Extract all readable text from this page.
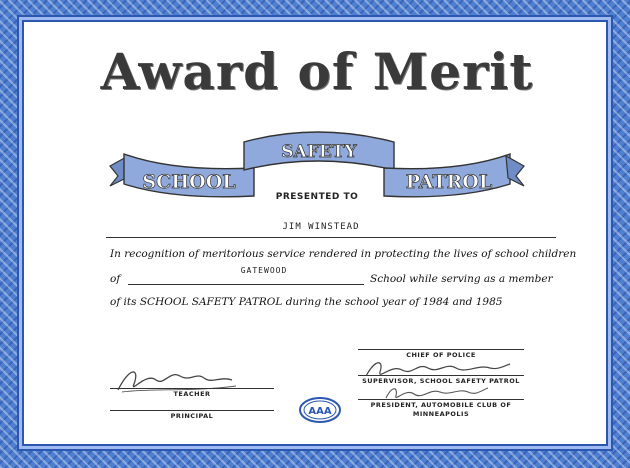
Award of Merit
SCHOOL
SAFETY
PATROL
PRESENTED TO
JIM WINSTEAD
In recognition of meritorious service rendered in protecting the lives of school children
of
GATEWOOD
School while serving as a member
of its SCHOOL SAFETY PATROL during the school year of 1984 and 1985
TEACHER
PRINCIPAL	AAA
CHIEF OF POLICE
SUPERVISOR, SCHOOL SAFETY PATROL
PRESIDENT, AUTOMOBILE CLUB OF
MINNEAPOLIS
